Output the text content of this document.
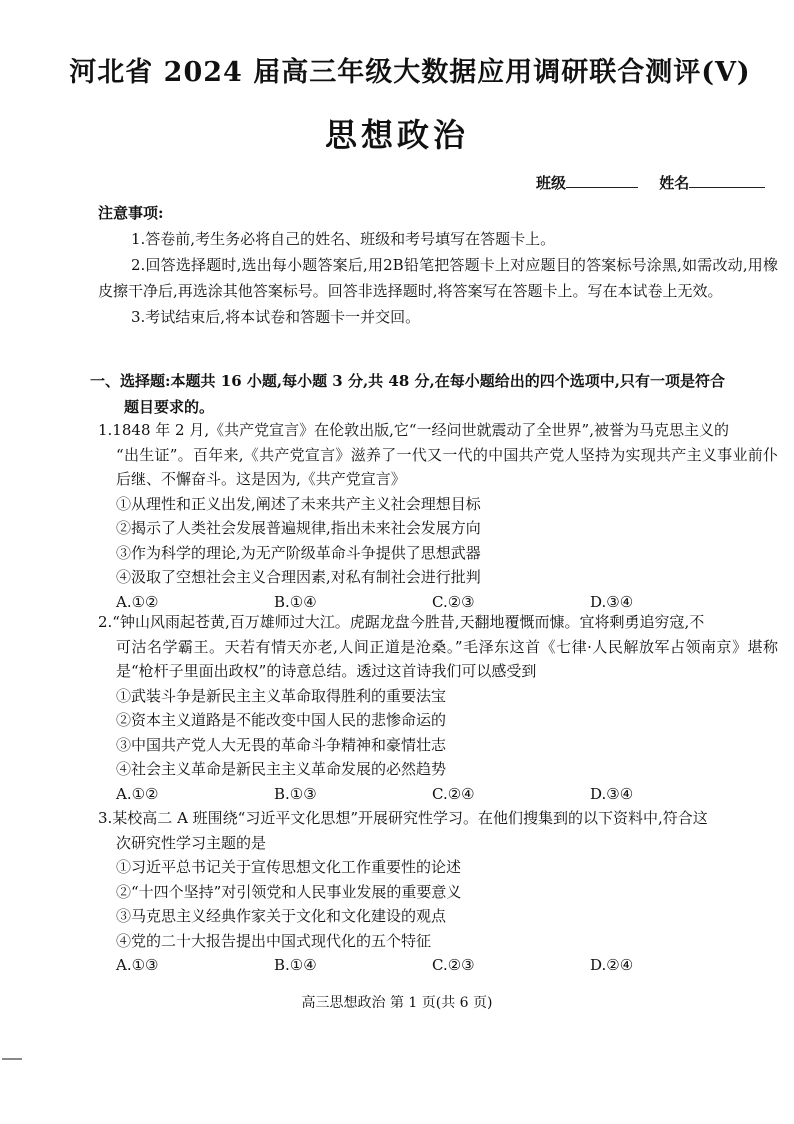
河北省 2024 届高三年级大数据应用调研联合测评(Ⅴ)
思想政治
班级	姓名
注意事项:

1.答卷前,考生务必将自己的姓名、班级和考号填写在答题卡上。

2.回答选择题时,选出每小题答案后,用2B铅笔把答题卡上对应题目的答案标号涂黑,如需改动,用橡皮擦干净后,再选涂其他答案标号。回答非选择题时,将答案写在答题卡上。写在本试卷上无效。

3.考试结束后,将本试卷和答题卡一并交回。

一、选择题:本题共 16 小题,每小题 3 分,共 48 分,在每小题给出的四个选项中,只有一项是符合

题目要求的。

1.1848 年 2 月,《共产党宣言》在伦敦出版,它“一经问世就震动了全世界”,被誉为马克思主义的
“出生证”。百年来,《共产党宣言》滋养了一代又一代的中国共产党人坚持为实现共产主义事业前仆后继、不懈奋斗。这是因为,《共产党宣言》

①从理性和正义出发,阐述了未来共产主义社会理想目标

②揭示了人类社会发展普遍规律,指出未来社会发展方向

③作为科学的理论,为无产阶级革命斗争提供了思想武器

④汲取了空想社会主义合理因素,对私有制社会进行批判

A.①②	B.①④	C.②③	D.③④

2.“钟山风雨起苍黄,百万雄师过大江。虎踞龙盘今胜昔,天翻地覆慨而慷。宜将剩勇追穷寇,不
可沽名学霸王。天若有情天亦老,人间正道是沧桑。”毛泽东这首《七律·人民解放军占领南京》堪称是“枪杆子里面出政权”的诗意总结。透过这首诗我们可以感受到

①武装斗争是新民主主义革命取得胜利的重要法宝

②资本主义道路是不能改变中国人民的悲惨命运的

③中国共产党人大无畏的革命斗争精神和豪情壮志

④社会主义革命是新民主主义革命发展的必然趋势

A.①②	B.①③	C.②④	D.③④

3.某校高二 A 班围绕“习近平文化思想”开展研究性学习。在他们搜集到的以下资料中,符合这
次研究性学习主题的是

①习近平总书记关于宣传思想文化工作重要性的论述

②“十四个坚持”对引领党和人民事业发展的重要意义

③马克思主义经典作家关于文化和文化建设的观点

④党的二十大报告提出中国式现代化的五个特征

A.①③	B.①④	C.②③	D.②④
高三思想政治 第 1 页(共 6 页)
